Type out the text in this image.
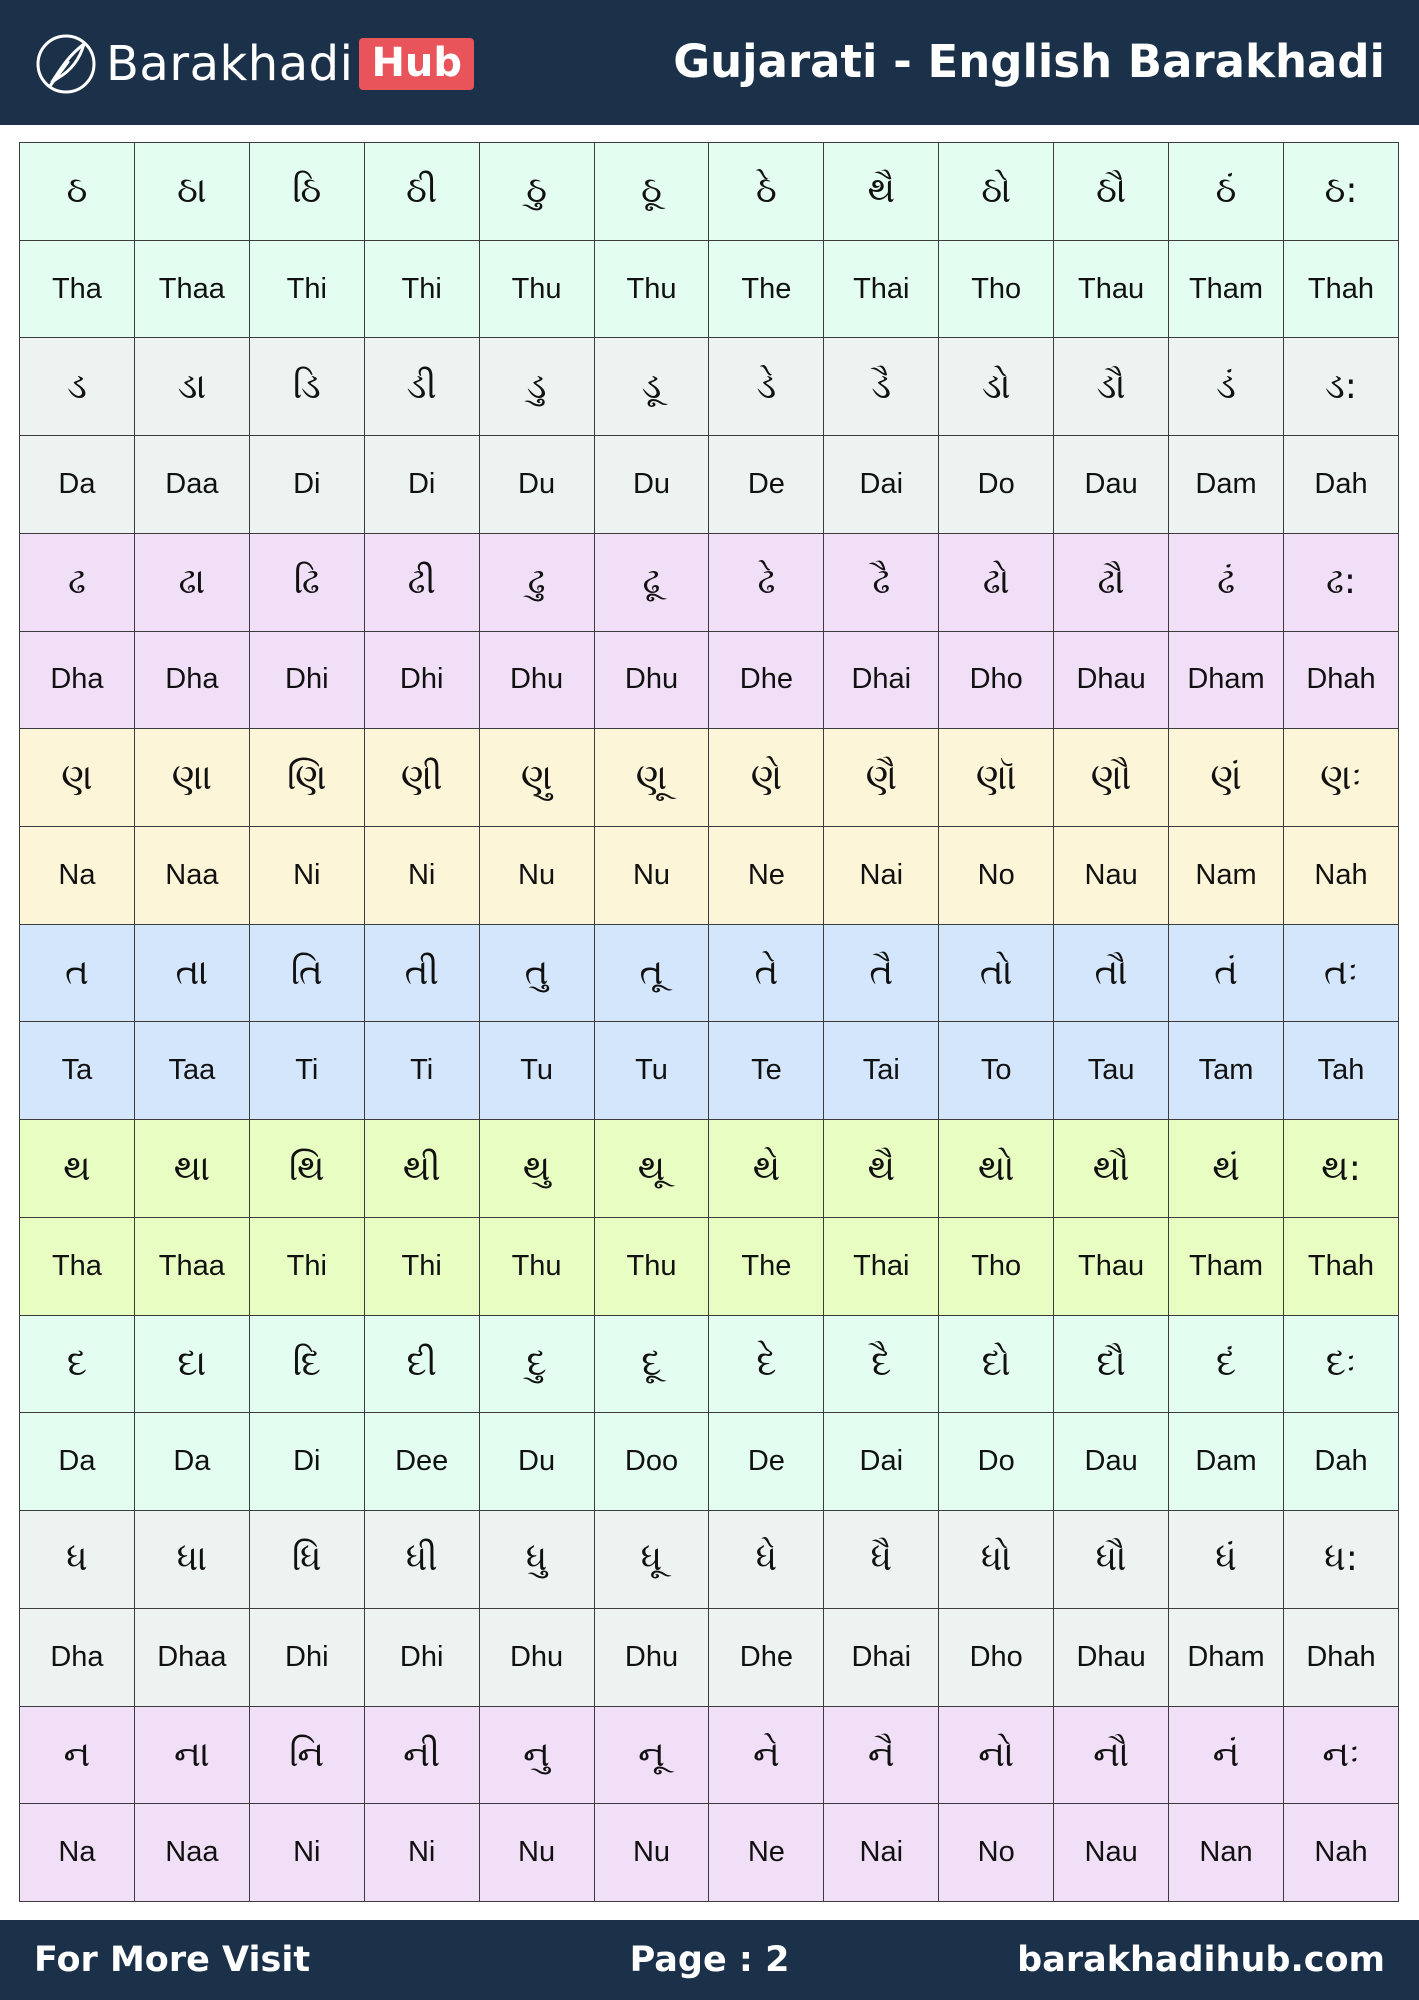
Barakhadi Hub	Gujarati - English Barakhadi
ઠ	ઠા	ઠિ	ઠી	ઠુ	ઠૂ	ઠે	થૈ	ઠો	ઠૌ	ઠં	ઠ:
Tha	Thaa	Thi	Thi	Thu	Thu	The	Thai	Tho	Thau	Tham	Thah
ડ	ડા	ડિ	ડી	ડુ	ડૂ	ડે	ડૈ	ડો	ડૌ	ડં	ડ:
Da	Daa	Di	Di	Du	Du	De	Dai	Do	Dau	Dam	Dah
ઢ	ઢા	ઢિ	ઢી	ઢુ	ઢૂ	ઢે	ઢૈ	ઢો	ઢૌ	ઢં	ઢ:
Dha	Dha	Dhi	Dhi	Dhu	Dhu	Dhe	Dhai	Dho	Dhau	Dham	Dhah
ણ	ણા	ણિ	ણી	ણુ	ણૂ	ણે	ણૈ	ણૉ	ણૌ	ણં	ણઃ
Na	Naa	Ni	Ni	Nu	Nu	Ne	Nai	No	Nau	Nam	Nah
ત	તા	તિ	તી	તુ	તૂ	તે	તૈ	તો	તૌ	તં	તઃ
Ta	Taa	Ti	Ti	Tu	Tu	Te	Tai	To	Tau	Tam	Tah
થ	થા	થિ	થી	થુ	થૂ	થે	થૈ	થો	થૌ	થં	થ:
Tha	Thaa	Thi	Thi	Thu	Thu	The	Thai	Tho	Thau	Tham	Thah
દ	દા	દિ	દી	દુ	દૂ	દે	દૈ	દો	દૌ	દં	દઃ
Da	Da	Di	Dee	Du	Doo	De	Dai	Do	Dau	Dam	Dah
ધ	ધા	ધિ	ધી	ધુ	ધૂ	ધે	ધૈ	ધો	ધૌ	ધં	ધ:
Dha	Dhaa	Dhi	Dhi	Dhu	Dhu	Dhe	Dhai	Dho	Dhau	Dham	Dhah
ન	ના	નિ	ની	નુ	નૂ	ને	નૈ	નો	નૌ	નં	નઃ
Na	Naa	Ni	Ni	Nu	Nu	Ne	Nai	No	Nau	Nan	Nah
For More Visit	Page : 2	barakhadihub.com
